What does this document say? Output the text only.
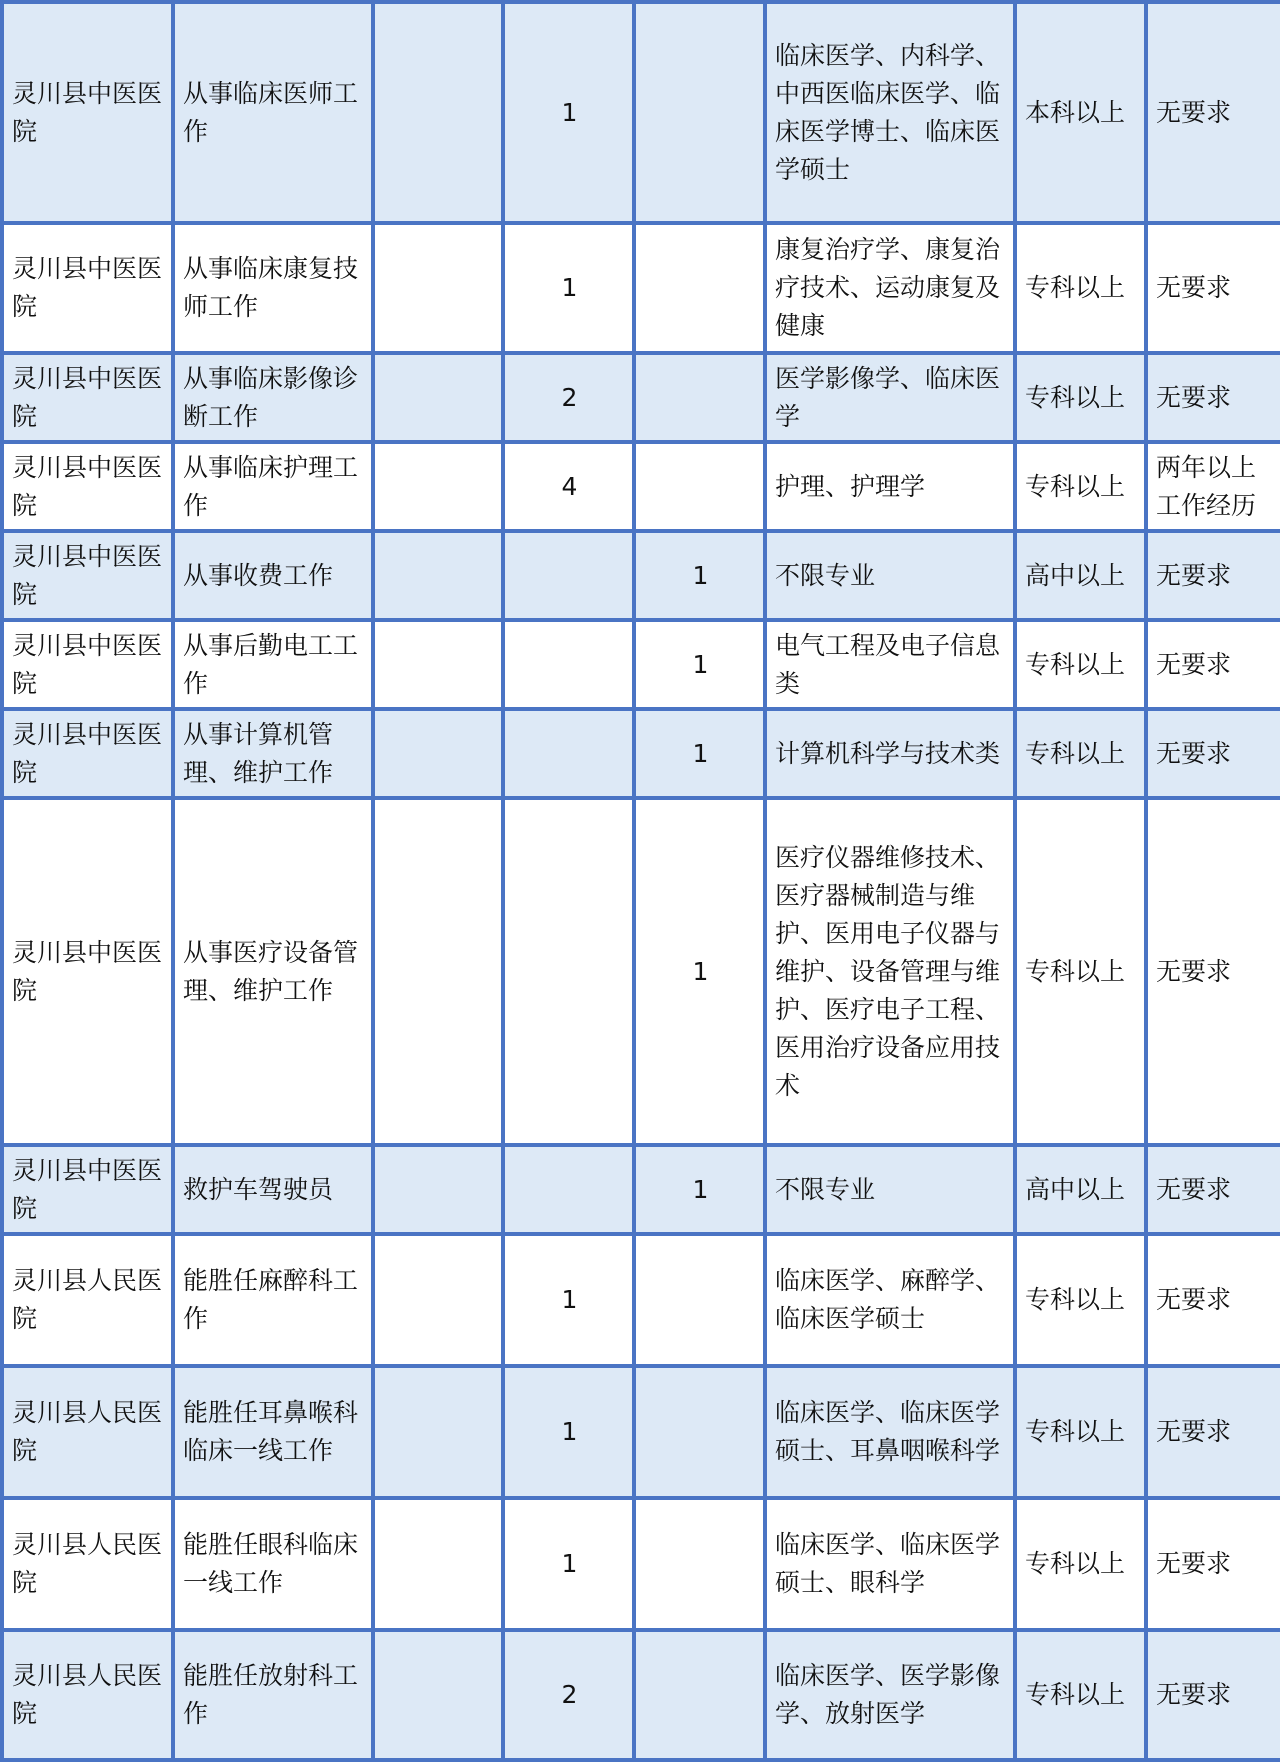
灵川县中医医院	从事临床医师工作		1		临床医学、内科学、中西医临床医学、临床医学博士、临床医学硕士	本科以上	无要求
灵川县中医医院	从事临床康复技师工作		1		康复治疗学、康复治疗技术、运动康复及健康	专科以上	无要求
灵川县中医医院	从事临床影像诊断工作		2		医学影像学、临床医学	专科以上	无要求
灵川县中医医院	从事临床护理工作		4		护理、护理学	专科以上	两年以上工作经历
灵川县中医医院	从事收费工作			1	不限专业	高中以上	无要求
灵川县中医医院	从事后勤电工工作			1	电气工程及电子信息类	专科以上	无要求
灵川县中医医院	从事计算机管理、维护工作			1	计算机科学与技术类	专科以上	无要求
灵川县中医医院	从事医疗设备管理、维护工作			1	医疗仪器维修技术、医疗器械制造与维护、医用电子仪器与维护、设备管理与维护、医疗电子工程、医用治疗设备应用技术	专科以上	无要求
灵川县中医医院	救护车驾驶员			1	不限专业	高中以上	无要求
灵川县人民医院	能胜任麻醉科工作		1		临床医学、麻醉学、临床医学硕士	专科以上	无要求
灵川县人民医院	能胜任耳鼻喉科临床一线工作		1		临床医学、临床医学硕士、耳鼻咽喉科学	专科以上	无要求
灵川县人民医院	能胜任眼科临床一线工作		1		临床医学、临床医学硕士、眼科学	专科以上	无要求
灵川县人民医院	能胜任放射科工作		2		临床医学、医学影像学、放射医学	专科以上	无要求
